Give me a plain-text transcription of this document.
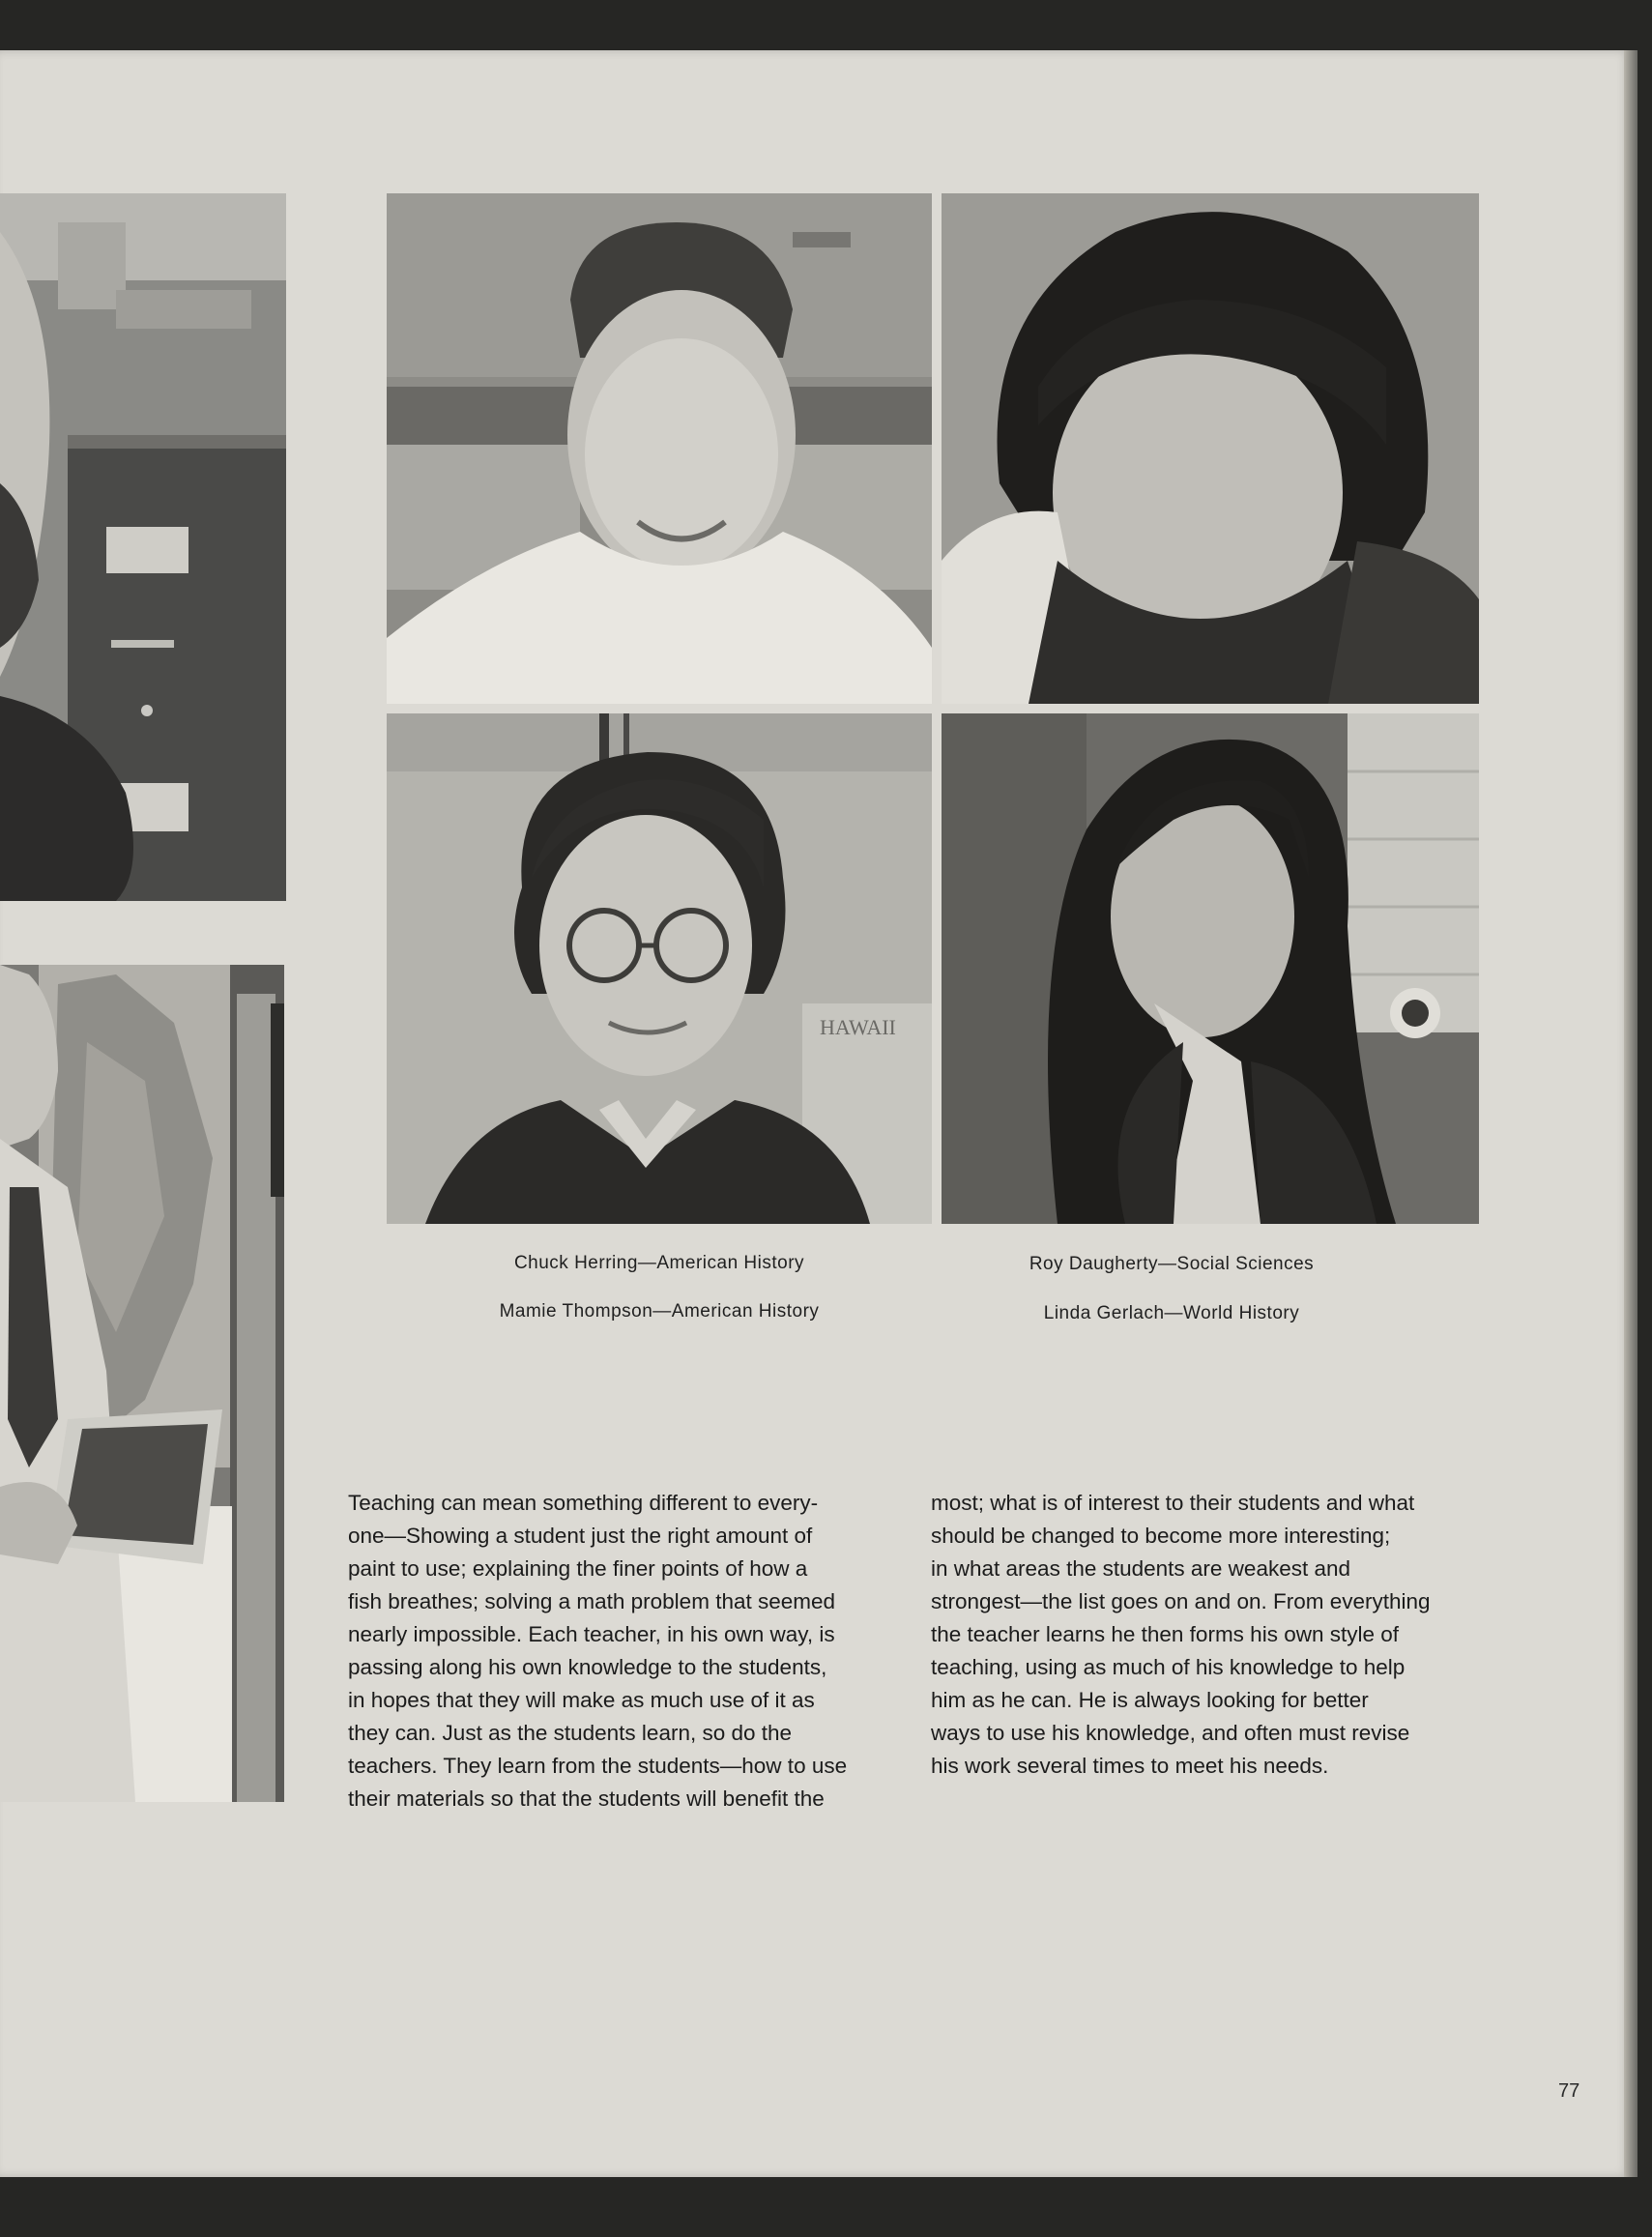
HAWAII
Chuck Herring—American History	Roy Daugherty—Social Sciences
Mamie Thompson—American History	Linda Gerlach—World History
Teaching can mean something different to every-
one—Showing a student just the right amount of
paint to use; explaining the finer points of how a
fish breathes; solving a math problem that seemed
nearly impossible. Each teacher, in his own way, is
passing along his own knowledge to the students,
in hopes that they will make as much use of it as
they can. Just as the students learn, so do the
teachers. They learn from the students—how to use
their materials so that the students will benefit the
most; what is of interest to their students and what
should be changed to become more interesting;
in what areas the students are weakest and
strongest—the list goes on and on. From everything
the teacher learns he then forms his own style of
teaching, using as much of his knowledge to help
him as he can. He is always looking for better
ways to use his knowledge, and often must revise
his work several times to meet his needs.
77
